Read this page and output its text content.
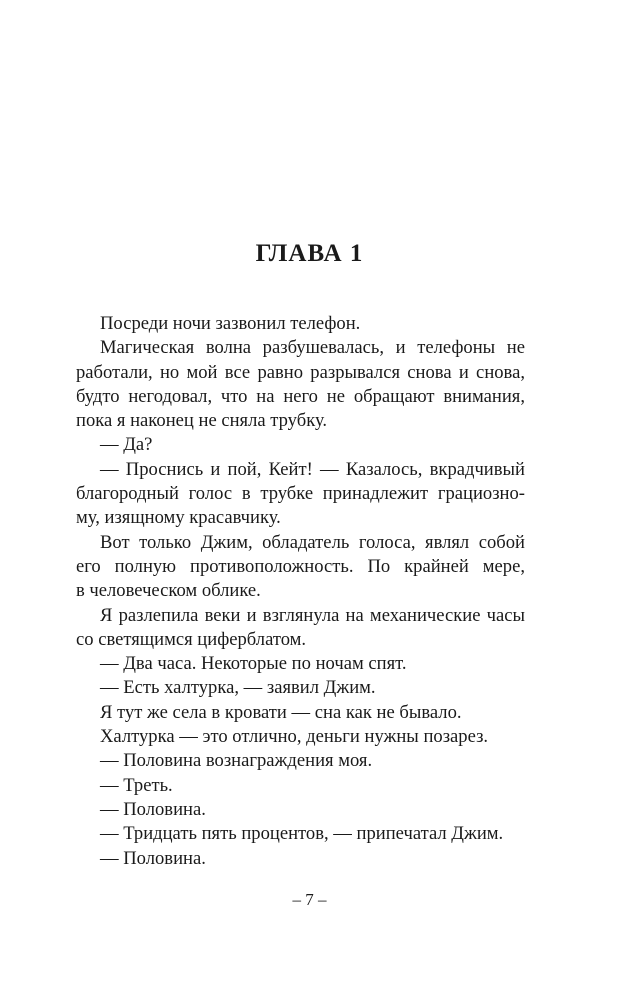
ГЛАВА 1
Посреди ночи зазвонил телефон.
Магическая волна разбушевалась, и телефоны не
работали, но мой все равно разрывался снова и снова,
будто негодовал, что на него не обращают внимания,
пока я наконец не сняла трубку.
— Да?
— Проснись и пой, Кейт! — Казалось, вкрадчивый
благородный голос в трубке принадлежит грациозно-
му, изящному красавчику.
Вот только Джим, обладатель голоса, являл собой
его полную противоположность. По крайней мере,
в человеческом облике.
Я разлепила веки и взглянула на механические часы
со светящимся циферблатом.
— Два часа. Некоторые по ночам спят.
— Есть халтурка, — заявил Джим.
Я тут же села в кровати — сна как не бывало.
Халтурка — это отлично, деньги нужны позарез.
— Половина вознаграждения моя.
— Треть.
— Половина.
— Тридцать пять процентов, — припечатал Джим.
— Половина.
– 7 –
